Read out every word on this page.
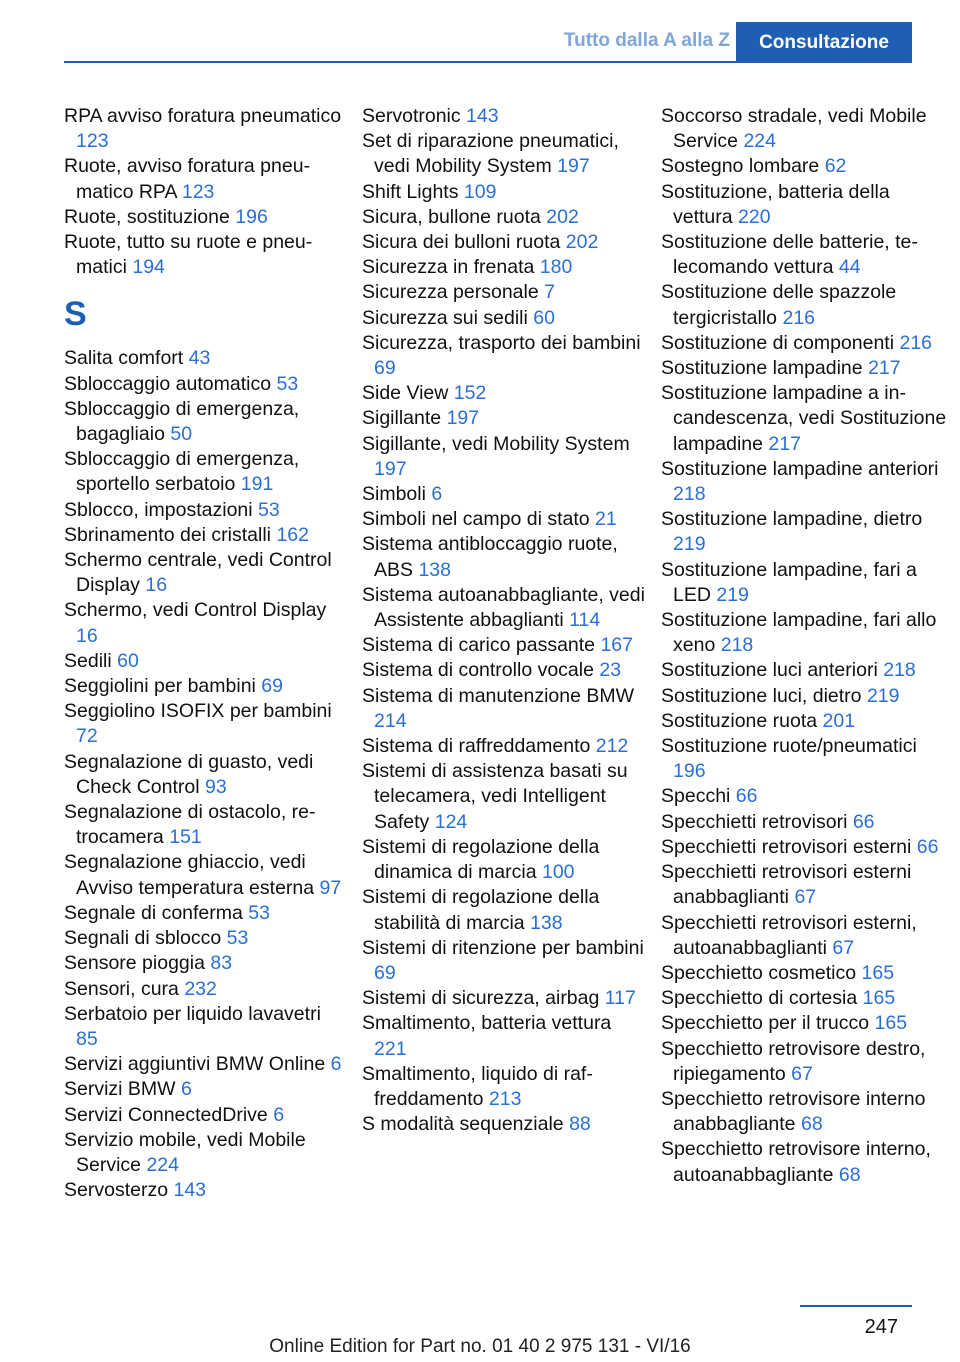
Tutto dalla A alla Z	Consultazione
RPA avviso foratura pneumatico 123
Ruote, avviso foratura pneumatico RPA 123
Ruote, sostituzione 196
Ruote, tutto su ruote e pneumatici 194
S
Salita comfort 43
Sbloccaggio automatico 53
Sbloccaggio di emergenza, bagagliaio 50
Sbloccaggio di emergenza, sportello serbatoio 191
Sblocco, impostazioni 53
Sbrinamento dei cristalli 162
Schermo centrale, vedi Control Display 16
Schermo, vedi Control Display 16
Sedili 60
Seggiolini per bambini 69
Seggiolino ISOFIX per bambini 72
Segnalazione di guasto, vedi Check Control 93
Segnalazione di ostacolo, retrocamera 151
Segnalazione ghiaccio, vedi Avviso temperatura esterna 97
Segnale di conferma 53
Segnali di sblocco 53
Sensore pioggia 83
Sensori, cura 232
Serbatoio per liquido lavavetri 85
Servizi aggiuntivi BMW Online 6
Servizi BMW 6
Servizi ConnectedDrive 6
Servizio mobile, vedi Mobile Service 224
Servosterzo 143
Servotronic 143
Set di riparazione pneumatici, vedi Mobility System 197
Shift Lights 109
Sicura, bullone ruota 202
Sicura dei bulloni ruota 202
Sicurezza in frenata 180
Sicurezza personale 7
Sicurezza sui sedili 60
Sicurezza, trasporto dei bambini 69
Side View 152
Sigillante 197
Sigillante, vedi Mobility System 197
Simboli 6
Simboli nel campo di stato 21
Sistema antibloccaggio ruote, ABS 138
Sistema autoanabbagliante, vedi Assistente abbaglianti 114
Sistema di carico passante 167
Sistema di controllo vocale 23
Sistema di manutenzione BMW 214
Sistema di raffreddamento 212
Sistemi di assistenza basati su telecamera, vedi Intelligent Safety 124
Sistemi di regolazione della dinamica di marcia 100
Sistemi di regolazione della stabilità di marcia 138
Sistemi di ritenzione per bambini 69
Sistemi di sicurezza, airbag 117
Smaltimento, batteria vettura 221
Smaltimento, liquido di raffreddamento 213
S modalità sequenziale 88
Soccorso stradale, vedi Mobile Service 224
Sostegno lombare 62
Sostituzione, batteria della vettura 220
Sostituzione delle batterie, telecomando vettura 44
Sostituzione delle spazzole tergicristallo 216
Sostituzione di componenti 216
Sostituzione lampadine 217
Sostituzione lampadine a incandescenza, vedi Sostituzione lampadine 217
Sostituzione lampadine anteriori 218
Sostituzione lampadine, dietro 219
Sostituzione lampadine, fari a LED 219
Sostituzione lampadine, fari allo xeno 218
Sostituzione luci anteriori 218
Sostituzione luci, dietro 219
Sostituzione ruota 201
Sostituzione ruote/pneumatici 196
Specchi 66
Specchietti retrovisori 66
Specchietti retrovisori esterni 66
Specchietti retrovisori esterni anabbaglianti 67
Specchietti retrovisori esterni, autoanabbaglianti 67
Specchietto cosmetico 165
Specchietto di cortesia 165
Specchietto per il trucco 165
Specchietto retrovisore destro, ripiegamento 67
Specchietto retrovisore interno anabbagliante 68
Specchietto retrovisore interno, autoanabbagliante 68
247
Online Edition for Part no. 01 40 2 975 131 - VI/16
